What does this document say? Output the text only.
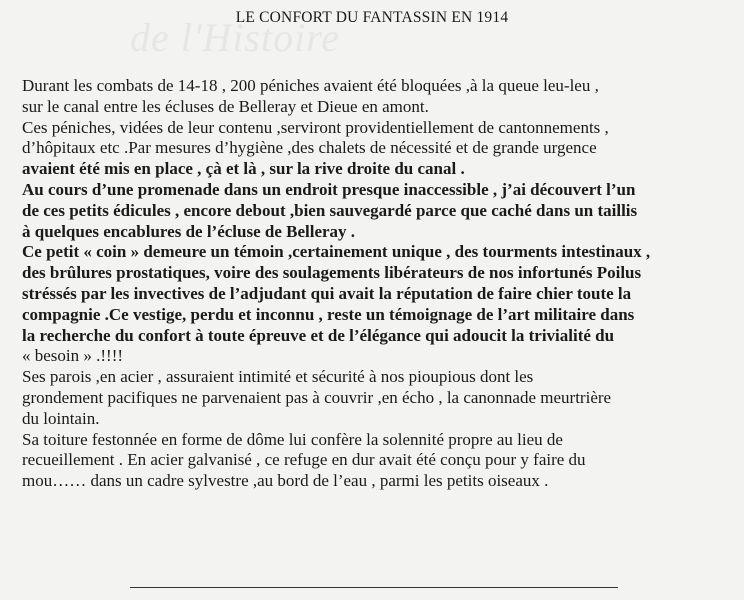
de l'Histoire
LE CONFORT DU FANTASSIN EN 1914
Durant les combats de 14-18 , 200 péniches avaient été bloquées ,à la queue leu-leu ,
sur le canal entre les écluses de Belleray et Dieue en amont.
Ces péniches, vidées de leur contenu ,serviront providentiellement de cantonnements ,
d’hôpitaux etc .Par mesures d’hygiène ,des chalets de nécessité et de grande urgence
avaient été mis en place , çà et là , sur la rive droite du canal .
Au cours d’une promenade dans un endroit presque inaccessible , j’ai découvert l’un
de ces petits édicules , encore debout ,bien sauvegardé parce que caché dans un taillis
à quelques encablures de l’écluse de Belleray .
Ce petit « coin » demeure un témoin ,certainement unique , des tourments intestinaux ,
des brûlures prostatiques, voire des soulagements libérateurs de nos infortunés Poilus
stréssés par les invectives de l’adjudant qui avait la réputation de faire chier toute la
compagnie .Ce vestige, perdu et inconnu , reste un témoignage de l’art militaire dans
la recherche du confort à toute épreuve et de l’élégance qui adoucit la trivialité du
« besoin » .!!!!
Ses parois ,en acier , assuraient intimité et sécurité à nos pioupious dont les
grondement pacifiques ne parvenaient pas à couvrir ,en écho , la canonnade meurtrière
du lointain.
Sa toiture festonnée en forme de dôme lui confère la solennité propre au lieu de
recueillement . En acier galvanisé , ce refuge en dur avait été conçu pour y faire du
mou…… dans un cadre sylvestre ,au bord de l’eau , parmi les petits oiseaux .
